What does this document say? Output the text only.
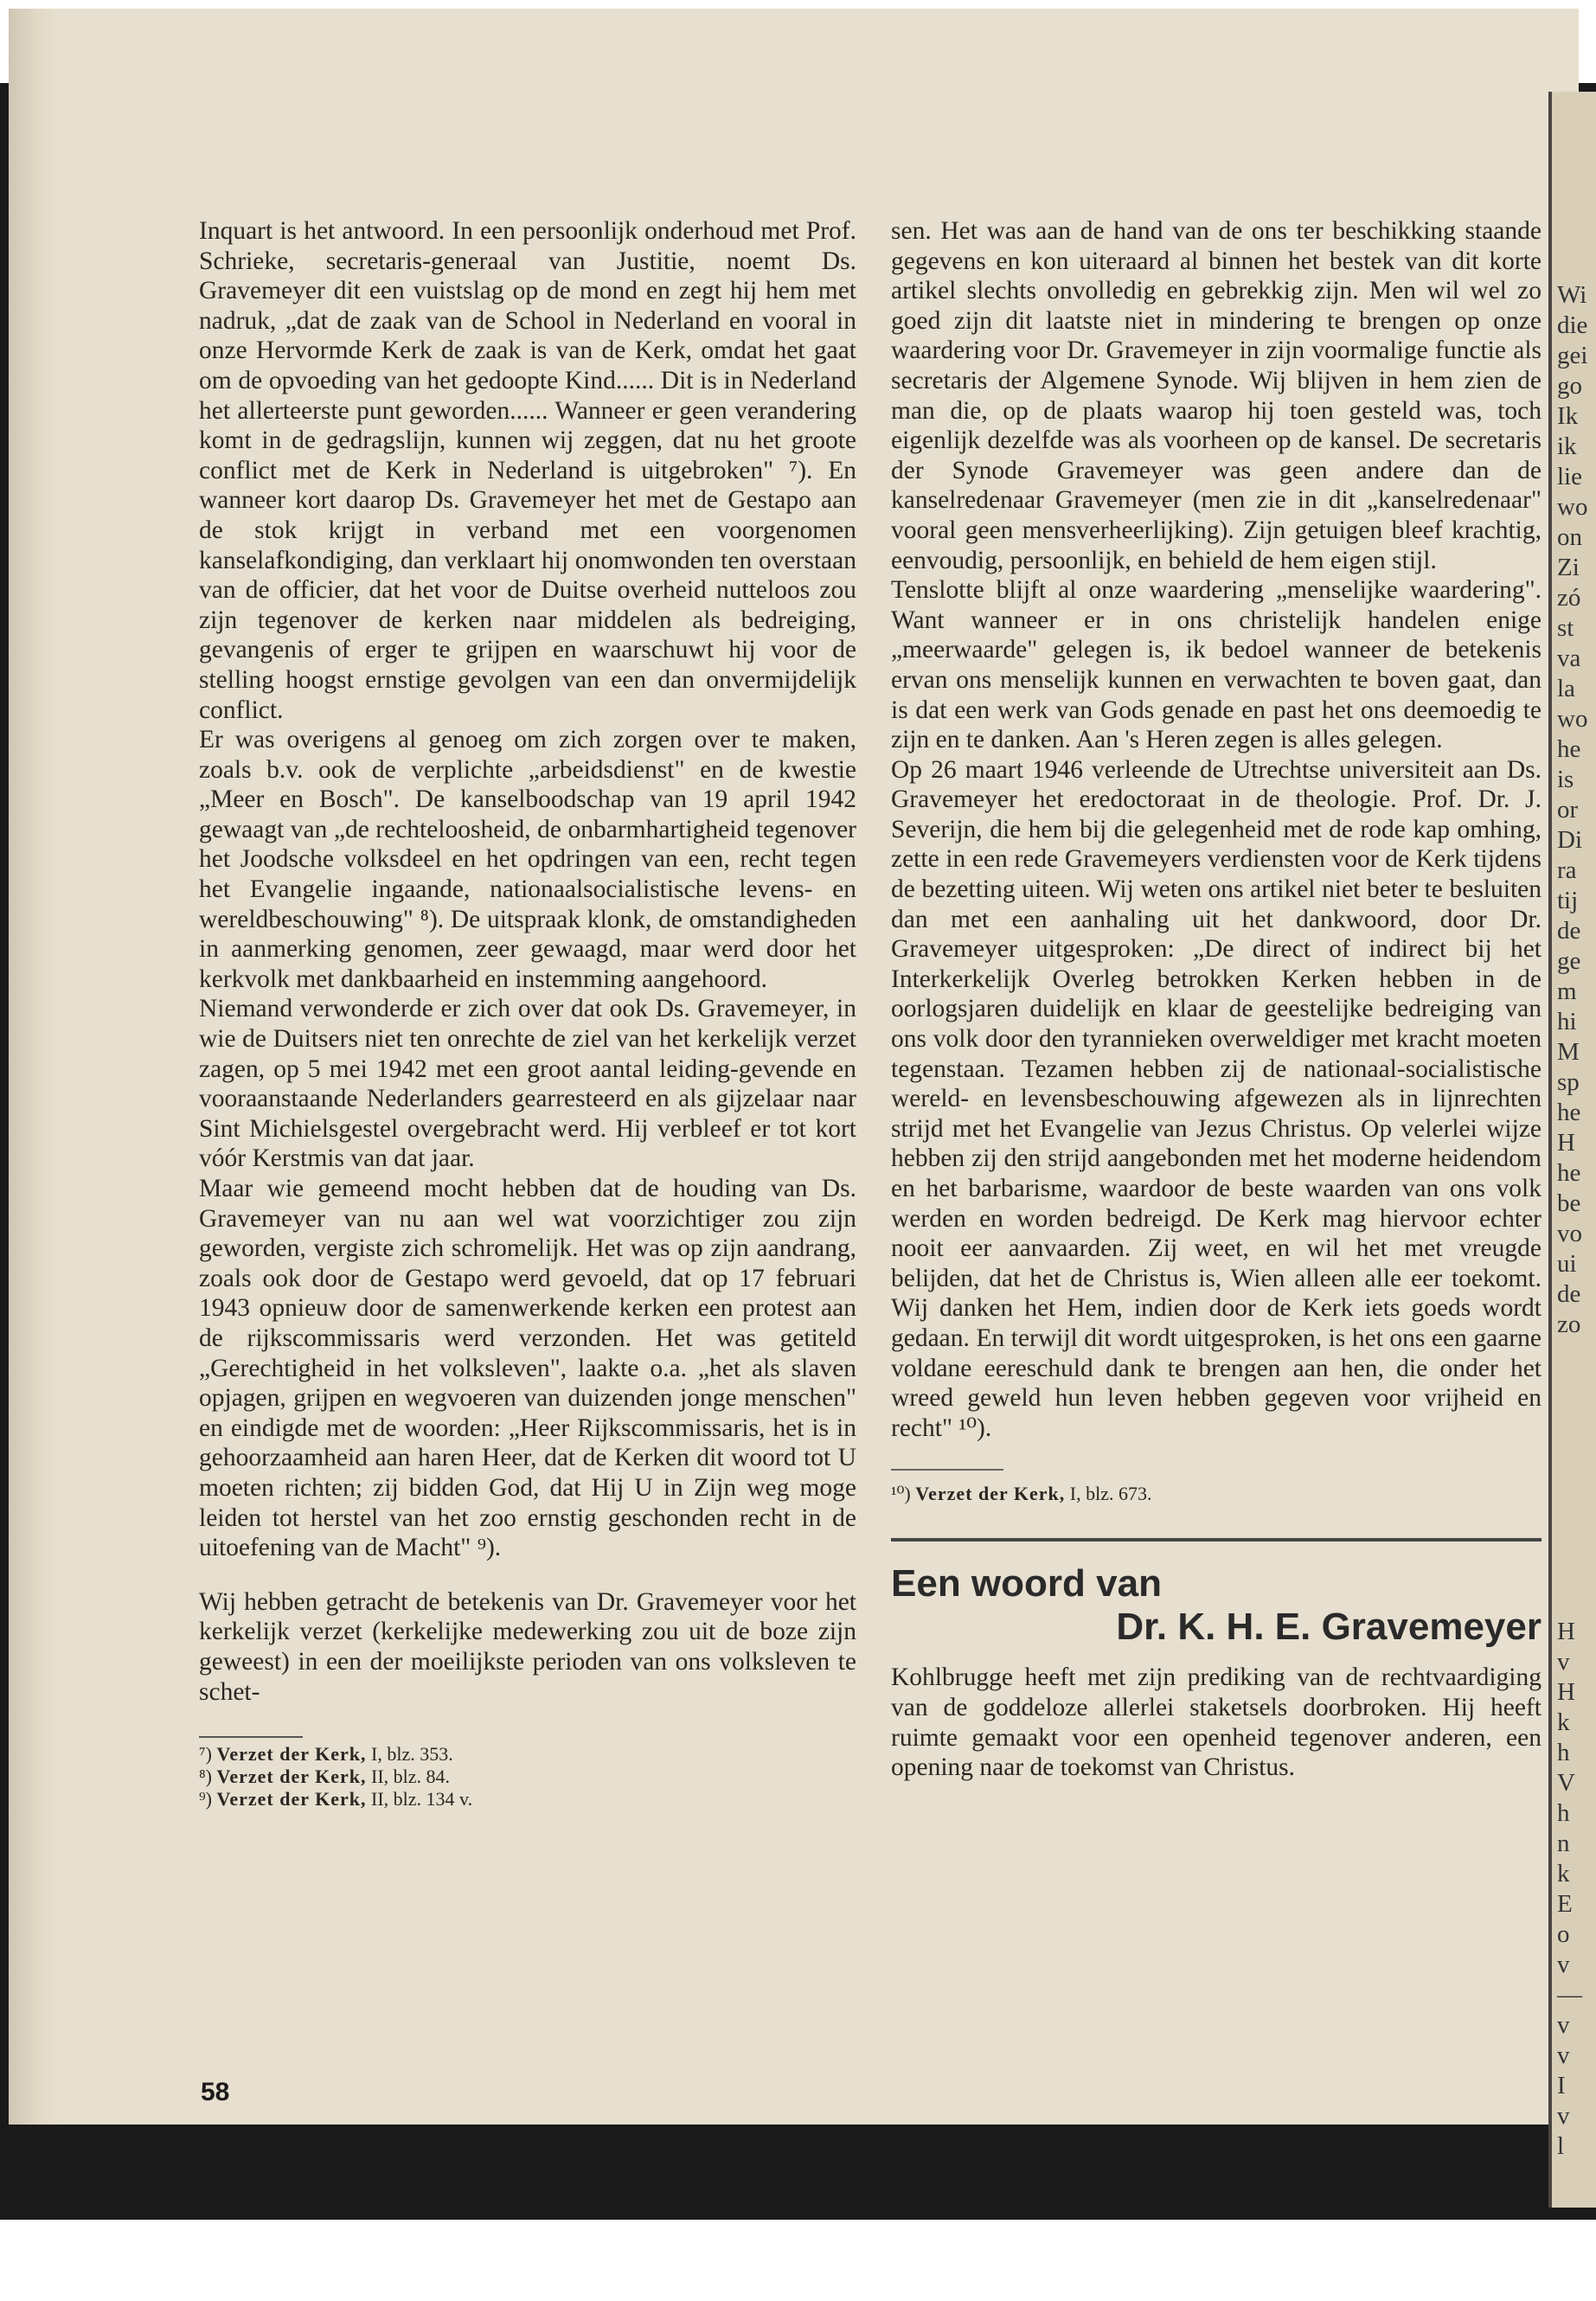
Wi
die
gei
go
Ik
ik
lie
wo
on
Zi
zó
st
va
la
wo
he
is
or
Di
ra
tij
de
ge
m
hi
M
sp
he
H
he
be
vo
ui
de
zo
H
v
H
k
h
V
h
n
k
E
o
v
—
v
v
I
v
l

Inquart is het antwoord. In een persoonlijk onderhoud met Prof. Schrieke, secretaris-generaal van Justitie, noemt Ds. Gravemeyer dit een vuistslag op de mond en zegt hij hem met nadruk, „dat de zaak van de School in Nederland en vooral in onze Hervormde Kerk de zaak is van de Kerk, omdat het gaat om de opvoeding van het gedoopte Kind...... Dit is in Nederland het allerteerste punt geworden...... Wanneer er geen verandering komt in de gedragslijn, kunnen wij zeggen, dat nu het groote conflict met de Kerk in Nederland is uitgebroken" ⁷). En wanneer kort daarop Ds. Gravemeyer het met de Gestapo aan de stok krijgt in verband met een voorgenomen kanselafkondiging, dan verklaart hij onomwonden ten overstaan van de officier, dat het voor de Duitse overheid nutteloos zou zijn tegenover de kerken naar middelen als bedreiging, gevangenis of erger te grijpen en waarschuwt hij voor de stelling hoogst ernstige gevolgen van een dan onvermijdelijk conflict.

Er was overigens al genoeg om zich zorgen over te maken, zoals b.v. ook de verplichte „arbeidsdienst" en de kwestie „Meer en Bosch". De kanselboodschap van 19 april 1942 gewaagt van „de rechteloosheid, de onbarmhartigheid tegenover het Joodsche volksdeel en het opdringen van een, recht tegen het Evangelie ingaande, nationaalsocialistische levens- en wereldbeschouwing" ⁸). De uitspraak klonk, de omstandigheden in aanmerking genomen, zeer gewaagd, maar werd door het kerkvolk met dankbaarheid en instemming aangehoord.

Niemand verwonderde er zich over dat ook Ds. Gravemeyer, in wie de Duitsers niet ten onrechte de ziel van het kerkelijk verzet zagen, op 5 mei 1942 met een groot aantal leiding-gevende en vooraanstaande Nederlanders gearresteerd en als gijzelaar naar Sint Michielsgestel overgebracht werd. Hij verbleef er tot kort vóór Kerstmis van dat jaar.

Maar wie gemeend mocht hebben dat de houding van Ds. Gravemeyer van nu aan wel wat voorzichtiger zou zijn geworden, vergiste zich schromelijk. Het was op zijn aandrang, zoals ook door de Gestapo werd gevoeld, dat op 17 februari 1943 opnieuw door de samenwerkende kerken een protest aan de rijkscommissaris werd verzonden. Het was getiteld „Gerechtigheid in het volksleven", laakte o.a. „het als slaven opjagen, grijpen en wegvoeren van duizenden jonge menschen" en eindigde met de woorden: „Heer Rijkscommissaris, het is in gehoorzaamheid aan haren Heer, dat de Kerken dit woord tot U moeten richten; zij bidden God, dat Hij U in Zijn weg moge leiden tot herstel van het zoo ernstig geschonden recht in de uitoefening van de Macht" ⁹).

Wij hebben getracht de betekenis van Dr. Gravemeyer voor het kerkelijk verzet (kerkelijke medewerking zou uit de boze zijn geweest) in een der moeilijkste perioden van ons volksleven te schet-

⁷) Verzet der Kerk, I, blz. 353.

⁸) Verzet der Kerk, II, blz. 84.

⁹) Verzet der Kerk, II, blz. 134 v.

58

sen. Het was aan de hand van de ons ter beschikking staande gegevens en kon uiteraard al binnen het bestek van dit korte artikel slechts onvolledig en gebrekkig zijn. Men wil wel zo goed zijn dit laatste niet in mindering te brengen op onze waardering voor Dr. Gravemeyer in zijn voormalige functie als secretaris der Algemene Synode. Wij blijven in hem zien de man die, op de plaats waarop hij toen gesteld was, toch eigenlijk dezelfde was als voorheen op de kansel. De secretaris der Synode Gravemeyer was geen andere dan de kanselredenaar Gravemeyer (men zie in dit „kanselredenaar" vooral geen mensverheerlijking). Zijn getuigen bleef krachtig, eenvoudig, persoonlijk, en behield de hem eigen stijl.

Tenslotte blijft al onze waardering „menselijke waardering". Want wanneer er in ons christelijk handelen enige „meerwaarde" gelegen is, ik bedoel wanneer de betekenis ervan ons menselijk kunnen en verwachten te boven gaat, dan is dat een werk van Gods genade en past het ons deemoedig te zijn en te danken. Aan 's Heren zegen is alles gelegen.

Op 26 maart 1946 verleende de Utrechtse universiteit aan Ds. Gravemeyer het eredoctoraat in de theologie. Prof. Dr. J. Severijn, die hem bij die gelegenheid met de rode kap omhing, zette in een rede Gravemeyers verdiensten voor de Kerk tijdens de bezetting uiteen. Wij weten ons artikel niet beter te besluiten dan met een aanhaling uit het dankwoord, door Dr. Gravemeyer uitgesproken: „De direct of indirect bij het Interkerkelijk Overleg betrokken Kerken hebben in de oorlogsjaren duidelijk en klaar de geestelijke bedreiging van ons volk door den tyrannieken overweldiger met kracht moeten tegenstaan. Tezamen hebben zij de nationaal-socialistische wereld- en levensbeschouwing afgewezen als in lijnrechten strijd met het Evangelie van Jezus Christus. Op velerlei wijze hebben zij den strijd aangebonden met het moderne heidendom en het barbarisme, waardoor de beste waarden van ons volk werden en worden bedreigd. De Kerk mag hiervoor echter nooit eer aanvaarden. Zij weet, en wil het met vreugde belijden, dat het de Christus is, Wien alleen alle eer toekomt. Wij danken het Hem, indien door de Kerk iets goeds wordt gedaan. En terwijl dit wordt uitgesproken, is het ons een gaarne voldane eereschuld dank te brengen aan hen, die onder het wreed geweld hun leven hebben gegeven voor vrijheid en recht" ¹⁰).

¹⁰) Verzet der Kerk, I, blz. 673.

Een woord van
Dr. K. H. E. Gravemeyer

Kohlbrugge heeft met zijn prediking van de rechtvaardiging van de goddeloze allerlei staketsels doorbroken. Hij heeft ruimte gemaakt voor een openheid tegenover anderen, een opening naar de toekomst van Christus.
